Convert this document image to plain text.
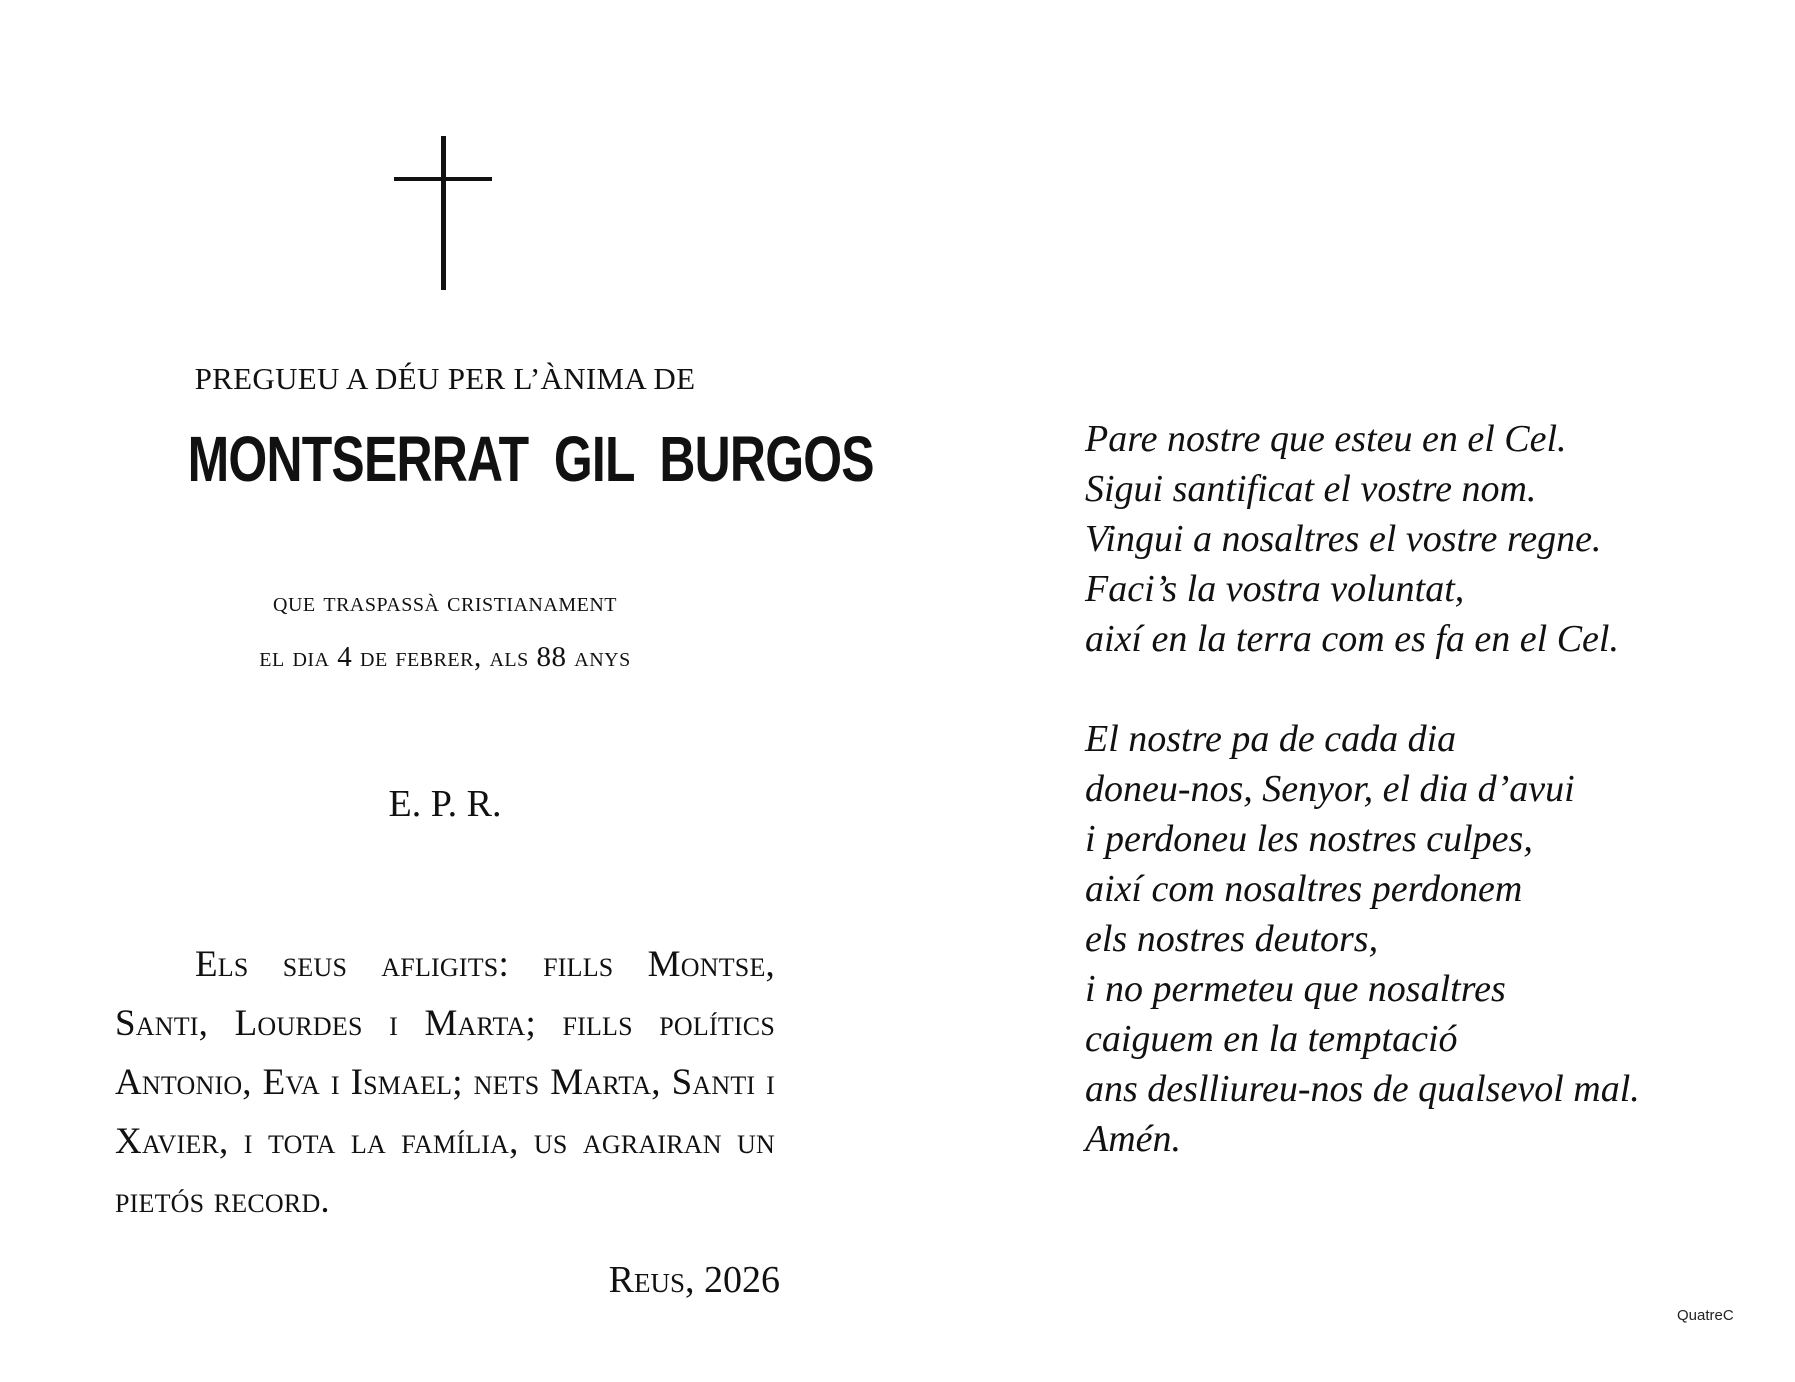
PREGUEU A DÉU PER L’ÀNIMA DE
MONTSERRAT GIL BURGOS
que traspassà cristianament
el dia 4 de febrer, als 88 anys
E. P. R.
Els seus afligits: fills Montse, Santi, Lourdes i Marta; fills polítics Antonio, Eva i Ismael; nets Marta, Santi i Xavier, i tota la família, us agrairan un pietós record.
Reus, 2026
Pare nostre que esteu en el Cel.
Sigui santificat el vostre nom.
Vingui a nosaltres el vostre regne.
Faci’s la vostra voluntat,
així en la terra com es fa en el Cel.
El nostre pa de cada dia
doneu-nos, Senyor, el dia d’avui
i perdoneu les nostres culpes,
així com nosaltres perdonem
els nostres deutors,
i no permeteu que nosaltres
caiguem en la temptació
ans deslliureu-nos de qualsevol mal.
Amén.
QuatreC
